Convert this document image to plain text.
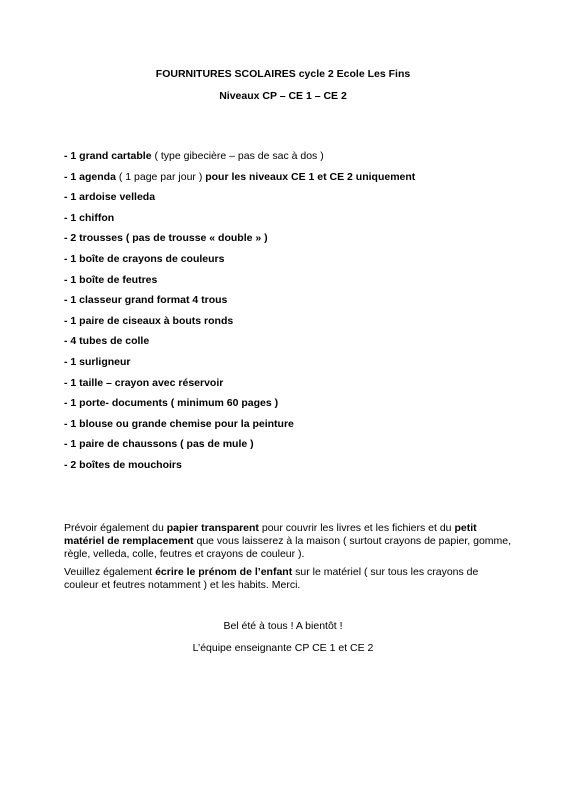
FOURNITURES SCOLAIRES cycle 2 Ecole Les Fins
Niveaux CP – CE 1 – CE 2
- 1 grand cartable ( type gibecière – pas de sac à dos )
- 1 agenda ( 1 page par jour ) pour les niveaux CE 1 et CE 2 uniquement
- 1 ardoise velleda
- 1 chiffon
- 2 trousses ( pas de trousse « double » )
- 1 boîte de crayons de couleurs
- 1 boîte de feutres
- 1 classeur grand format 4 trous
- 1 paire de ciseaux à bouts ronds
- 4 tubes de colle
- 1 surligneur
- 1 taille – crayon avec réservoir
- 1 porte- documents ( minimum 60 pages )
- 1 blouse ou grande chemise pour la peinture
- 1 paire de chaussons ( pas de mule )
- 2 boîtes de mouchoirs

Prévoir également du papier transparent pour couvrir les livres et les fichiers et du petit matériel de remplacement que vous laisserez à la maison ( surtout crayons de papier, gomme, règle, velleda, colle, feutres et crayons de couleur ).

Veuillez également écrire le prénom de l’enfant sur le matériel ( sur tous les crayons de couleur et feutres notamment ) et les habits. Merci.

Bel été à tous ! A bientôt !
L’équipe enseignante CP CE 1 et CE 2
